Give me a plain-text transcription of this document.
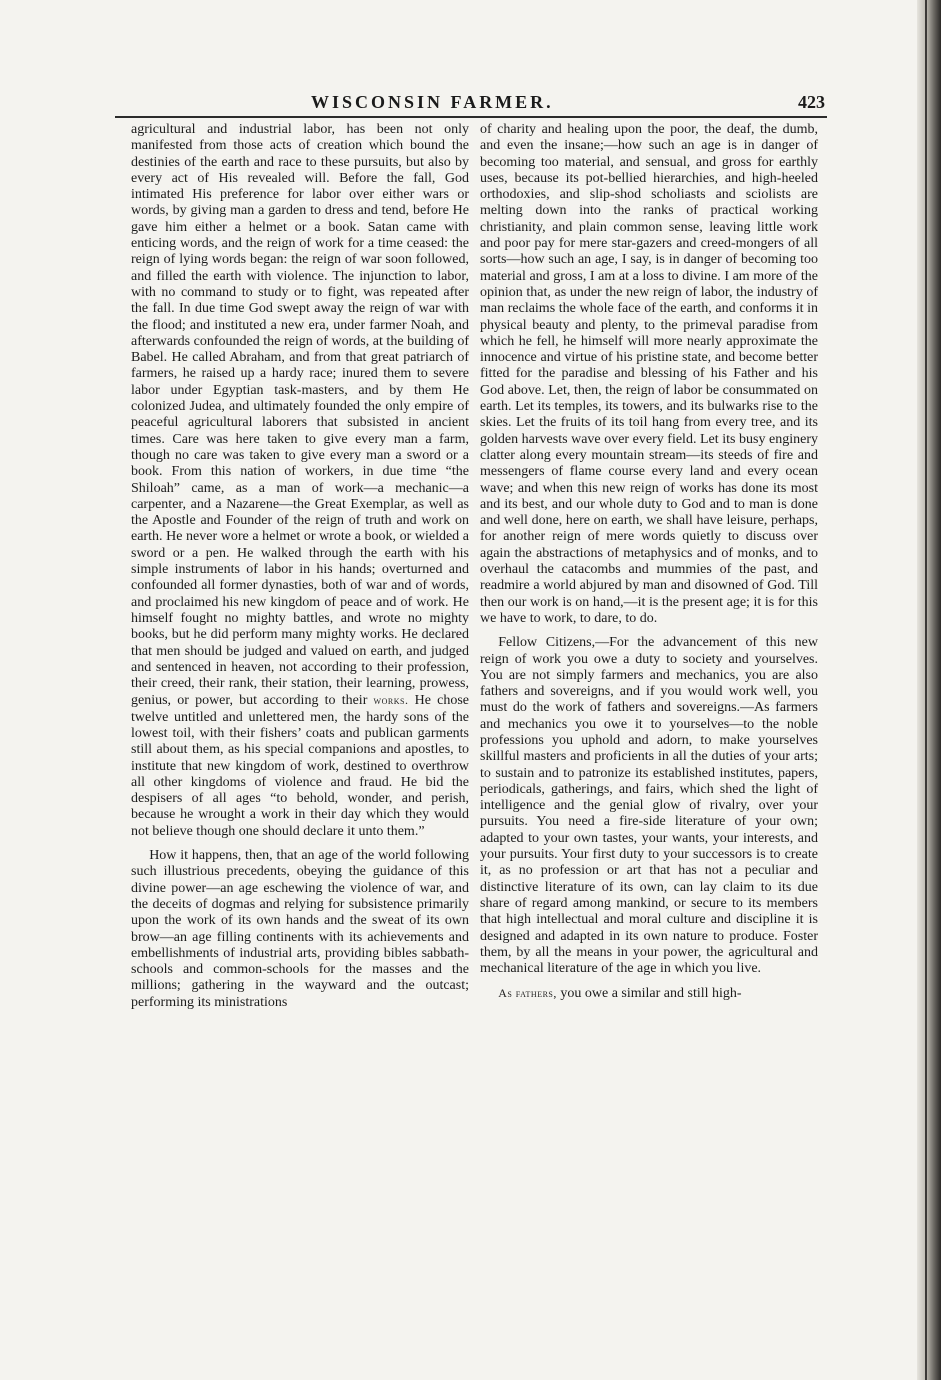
WISCONSIN FARMER.	423

agricultural and industrial labor, has been not only manifested from those acts of creation which bound the destinies of the earth and race to these pursuits, but also by every act of His revealed will. Before the fall, God intimated His preference for labor over either wars or words, by giving man a garden to dress and tend, before He gave him either a helmet or a book. Satan came with enticing words, and the reign of work for a time ceased: the reign of lying words began: the reign of war soon followed, and filled the earth with violence. The injunction to labor, with no command to study or to fight, was repeated after the fall. In due time God swept away the reign of war with the flood; and instituted a new era, under farmer Noah, and afterwards confounded the reign of words, at the building of Babel. He called Abraham, and from that great patriarch of farmers, he raised up a hardy race; inured them to severe labor under Egyptian task-masters, and by them He colonized Judea, and ultimately founded the only empire of peaceful agricultural laborers that subsisted in ancient times. Care was here taken to give every man a farm, though no care was taken to give every man a sword or a book. From this nation of workers, in due time “the Shiloah” came, as a man of work—a mechanic—a carpenter, and a Nazarene—the Great Exemplar, as well as the Apostle and Founder of the reign of truth and work on earth. He never wore a helmet or wrote a book, or wielded a sword or a pen. He walked through the earth with his simple instruments of labor in his hands; overturned and confounded all former dynasties, both of war and of words, and proclaimed his new kingdom of peace and of work. He himself fought no mighty battles, and wrote no mighty books, but he did perform many mighty works. He declared that men should be judged and valued on earth, and judged and sentenced in heaven, not according to their profession, their creed, their rank, their station, their learning, prowess, genius, or power, but according to their works. He chose twelve untitled and unlettered men, the hardy sons of the lowest toil, with their fishers’ coats and publican garments still about them, as his special companions and apostles, to institute that new kingdom of work, destined to overthrow all other kingdoms of violence and fraud. He bid the despisers of all ages “to behold, wonder, and perish, because he wrought a work in their day which they would not believe though one should declare it unto them.”

How it happens, then, that an age of the world following such illustrious precedents, obeying the guidance of this divine power—an age eschewing the violence of war, and the deceits of dogmas and relying for subsistence primarily upon the work of its own hands and the sweat of its own brow—an age filling continents with its achievements and embellishments of industrial arts, providing bibles sabbath-schools and common-schools for the masses and the millions; gathering in the wayward and the outcast; performing its ministrations

of charity and healing upon the poor, the deaf, the dumb, and even the insane;—how such an age is in danger of becoming too material, and sensual, and gross for earthly uses, because its pot-bellied hierarchies, and high-heeled orthodoxies, and slip-shod scholiasts and sciolists are melting down into the ranks of practical working christianity, and plain common sense, leaving little work and poor pay for mere star-gazers and creed-mongers of all sorts—how such an age, I say, is in danger of becoming too material and gross, I am at a loss to divine. I am more of the opinion that, as under the new reign of labor, the industry of man reclaims the whole face of the earth, and conforms it in physical beauty and plenty, to the primeval paradise from which he fell, he himself will more nearly approximate the innocence and virtue of his pristine state, and become better fitted for the paradise and blessing of his Father and his God above. Let, then, the reign of labor be consummated on earth. Let its temples, its towers, and its bulwarks rise to the skies. Let the fruits of its toil hang from every tree, and its golden harvests wave over every field. Let its busy enginery clatter along every mountain stream—its steeds of fire and messengers of flame course every land and every ocean wave; and when this new reign of works has done its most and its best, and our whole duty to God and to man is done and well done, here on earth, we shall have leisure, perhaps, for another reign of mere words quietly to discuss over again the abstractions of metaphysics and of monks, and to overhaul the catacombs and mummies of the past, and readmire a world abjured by man and disowned of God. Till then our work is on hand,—it is the present age; it is for this we have to work, to dare, to do.

Fellow Citizens,—For the advancement of this new reign of work you owe a duty to society and yourselves. You are not simply farmers and mechanics, you are also fathers and sovereigns, and if you would work well, you must do the work of fathers and sovereigns.—As farmers and mechanics you owe it to yourselves—to the noble professions you uphold and adorn, to make yourselves skillful masters and proficients in all the duties of your arts; to sustain and to patronize its established institutes, papers, periodicals, gatherings, and fairs, which shed the light of intelligence and the genial glow of rivalry, over your pursuits. You need a fire-side literature of your own; adapted to your own tastes, your wants, your interests, and your pursuits. Your first duty to your successors is to create it, as no profession or art that has not a peculiar and distinctive literature of its own, can lay claim to its due share of regard among mankind, or secure to its members that high intellectual and moral culture and discipline it is designed and adapted in its own nature to produce. Foster them, by all the means in your power, the agricultural and mechanical literature of the age in which you live.

As fathers, you owe a similar and still high-
